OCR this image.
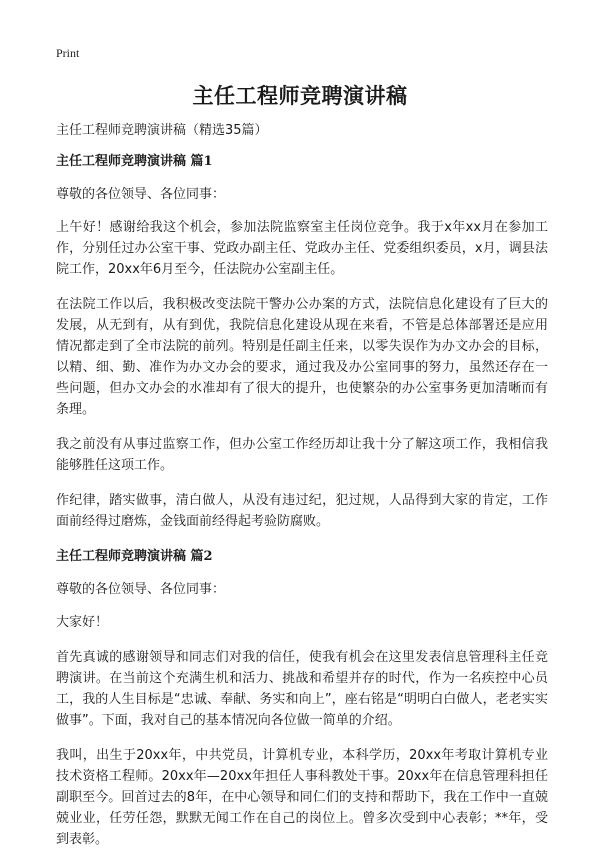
Print
主任工程师竞聘演讲稿

主任工程师竞聘演讲稿（精选35篇）

主任工程师竞聘演讲稿 篇1

尊敬的各位领导、各位同事：

上午好！感谢给我这个机会，参加法院监察室主任岗位竞争。我于x年xx月在参加工作，分别任过办公室干事、党政办副主任、党政办主任、党委组织委员，x月，调县法院工作，20xx年6月至今，任法院办公室副主任。

在法院工作以后，我积极改变法院干警办公办案的方式，法院信息化建设有了巨大的发展，从无到有，从有到优，我院信息化建设从现在来看，不管是总体部署还是应用情况都走到了全市法院的前列。特别是任副主任来，以零失误作为办文办会的目标，以精、细、勤、准作为办文办会的要求，通过我及办公室同事的努力，虽然还存在一些问题，但办文办会的水准却有了很大的提升，也使繁杂的办公室事务更加清晰而有条理。

我之前没有从事过监察工作，但办公室工作经历却让我十分了解这项工作，我相信我能够胜任这项工作。

作纪律，踏实做事，清白做人，从没有违过纪，犯过规，人品得到大家的肯定，工作面前经得过磨炼，金钱面前经得起考验防腐败。

主任工程师竞聘演讲稿 篇2

尊敬的各位领导、各位同事：

大家好！

首先真诚的感谢领导和同志们对我的信任，使我有机会在这里发表信息管理科主任竞聘演讲。在当前这个充满生机和活力、挑战和希望并存的时代，作为一名疾控中心员工，我的人生目标是“忠诚、奉献、务实和向上”，座右铭是“明明白白做人，老老实实做事”。下面，我对自己的基本情况向各位做一简单的介绍。

我叫，出生于20xx年，中共党员，计算机专业，本科学历，20xx年考取计算机专业技术资格工程师。20xx年—20xx年担任人事科教处干事。20xx年在信息管理科担任副职至今。回首过去的8年，在中心领导和同仁们的支持和帮助下，我在工作中一直兢兢业业，任劳任怨，默默无闻工作在自己的岗位上。曾多次受到中心表彰；**年，受到表彰。
